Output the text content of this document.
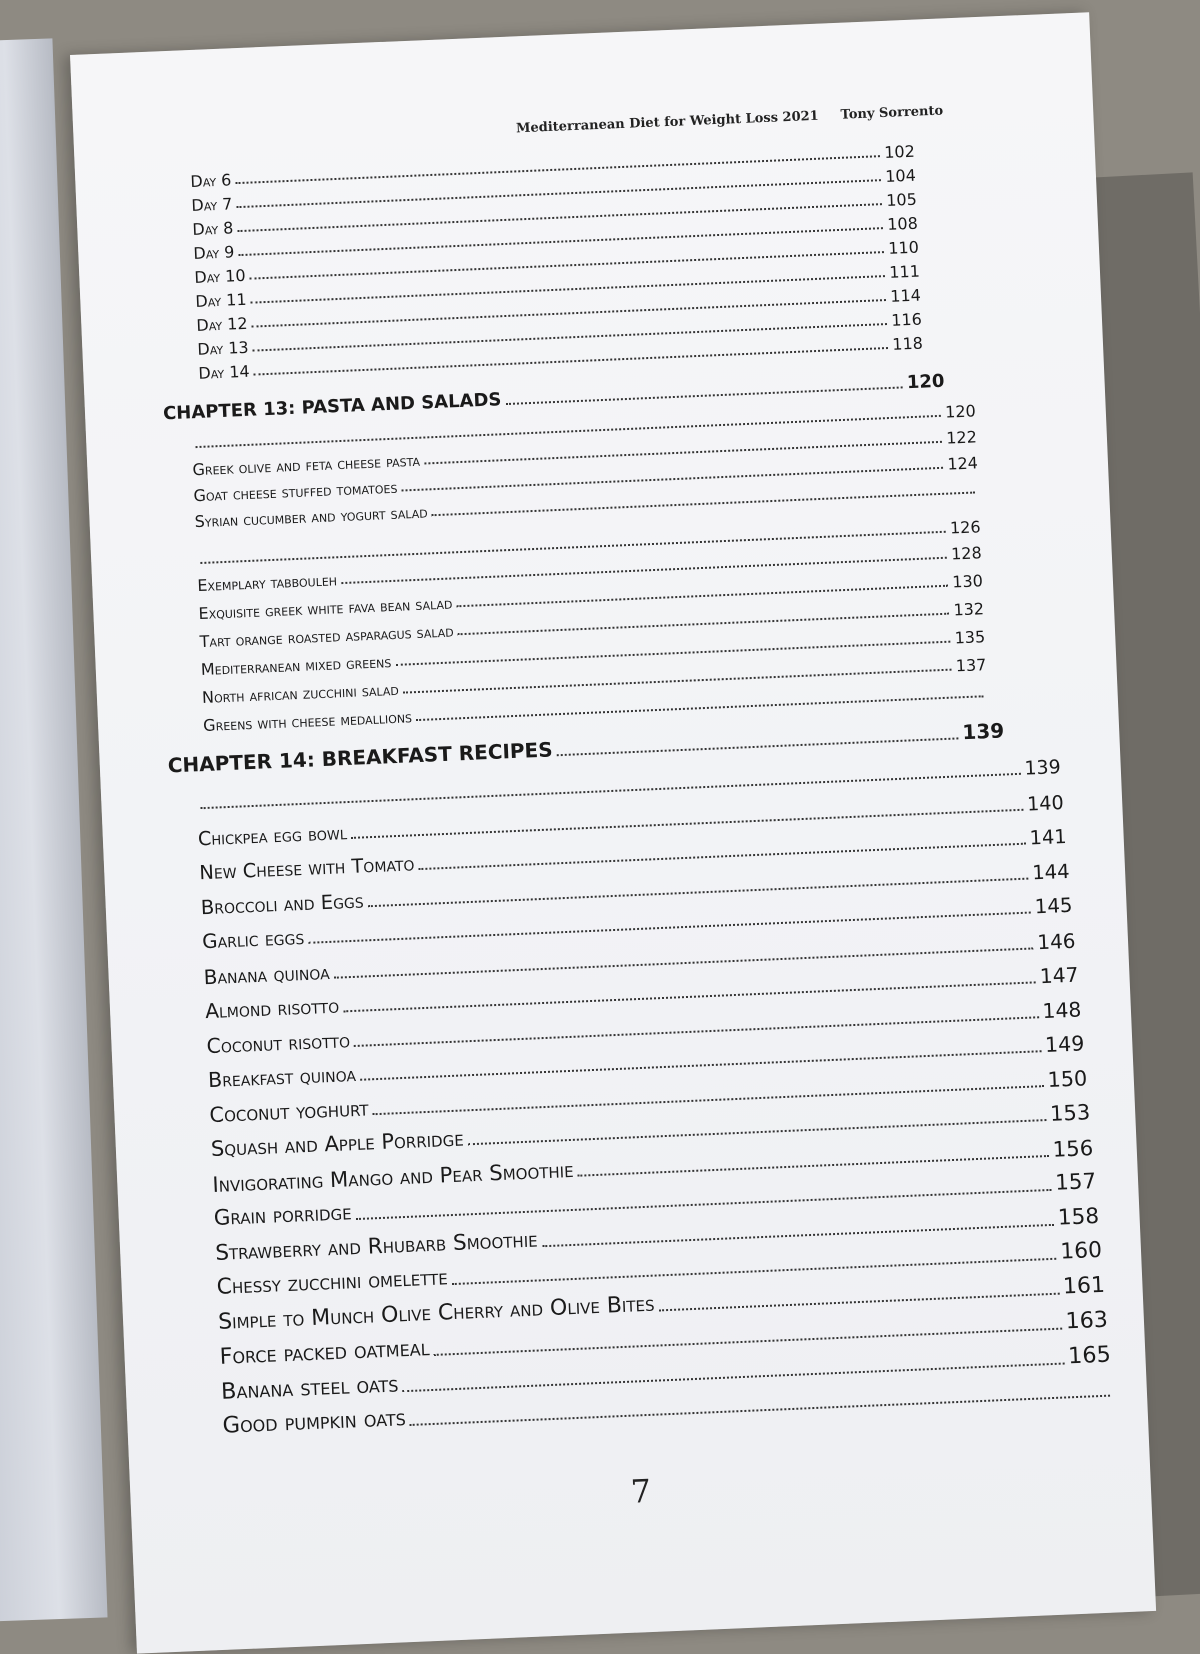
Mediterranean Diet for Weight Loss 2021 Tony Sorrento
Day 6
102
Day 7
104
Day 8
105
Day 9
108
Day 10
110
Day 11
111
Day 12
114
Day 13
116
Day 14
118
CHAPTER 13: PASTA AND SALADS
120
120
Greek olive and feta cheese pasta
122
Goat cheese stuffed tomatoes
124
Syrian cucumber and yogurt salad	126
Exemplary tabbouleh
128
Exquisite greek white fava bean salad
130
Tart orange roasted asparagus salad
132
Mediterranean mixed greens
135
North african zucchini salad
137
Greens with cheese medallions
CHAPTER 14: BREAKFAST RECIPES
139
139
Chickpea egg bowl
140
New Cheese with Tomato
141
Broccoli and Eggs
144
Garlic eggs
145
Banana quinoa
146
Almond risotto
147
Coconut risotto
148
Breakfast quinoa
149
Coconut yoghurt
150
Squash and Apple Porridge
153
Invigorating Mango and Pear Smoothie
156
Grain porridge
157
Strawberry and Rhubarb Smoothie
158
Chessy zucchini omelette
160
Simple to Munch Olive Cherry and Olive Bites
161
Force packed oatmeal
163
Banana steel oats
165
Good pumpkin oats
7
